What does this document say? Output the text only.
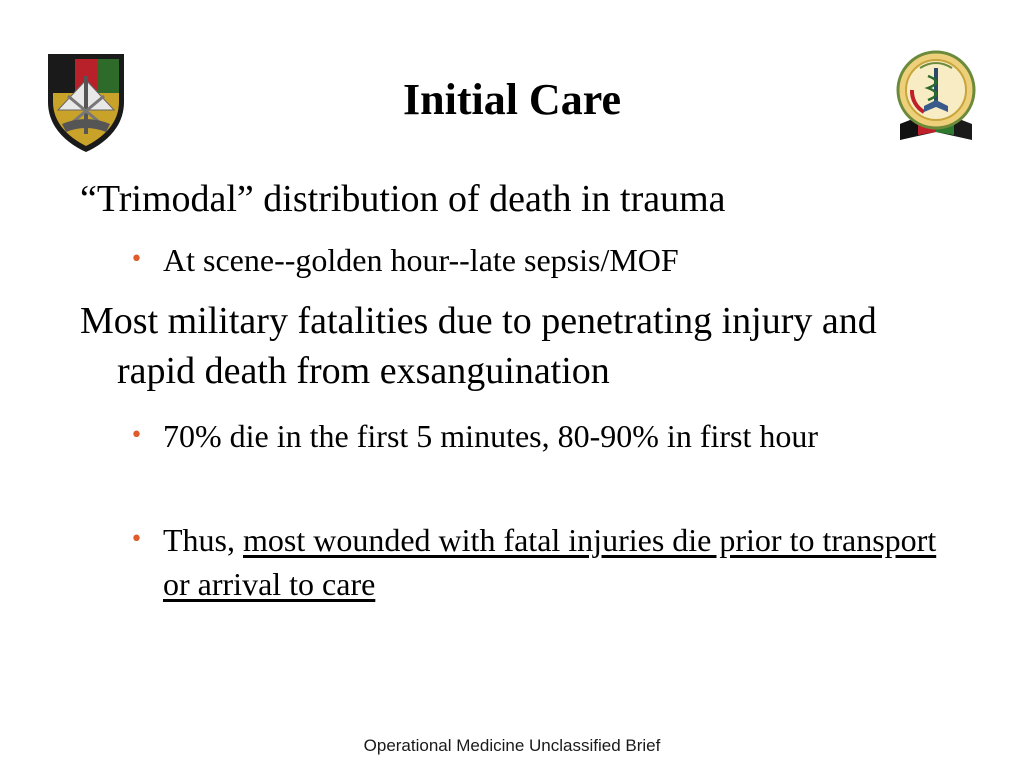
Initial Care
“Trimodal” distribution of death in trauma
• At scene--golden hour--late sepsis/MOF
Most military fatalities due to penetrating injury and rapid death from exsanguination
• 70% die in the first 5 minutes, 80-90% in first hour
• Thus, most wounded with fatal injuries die prior to transport or arrival to care
Operational Medicine Unclassified Brief
